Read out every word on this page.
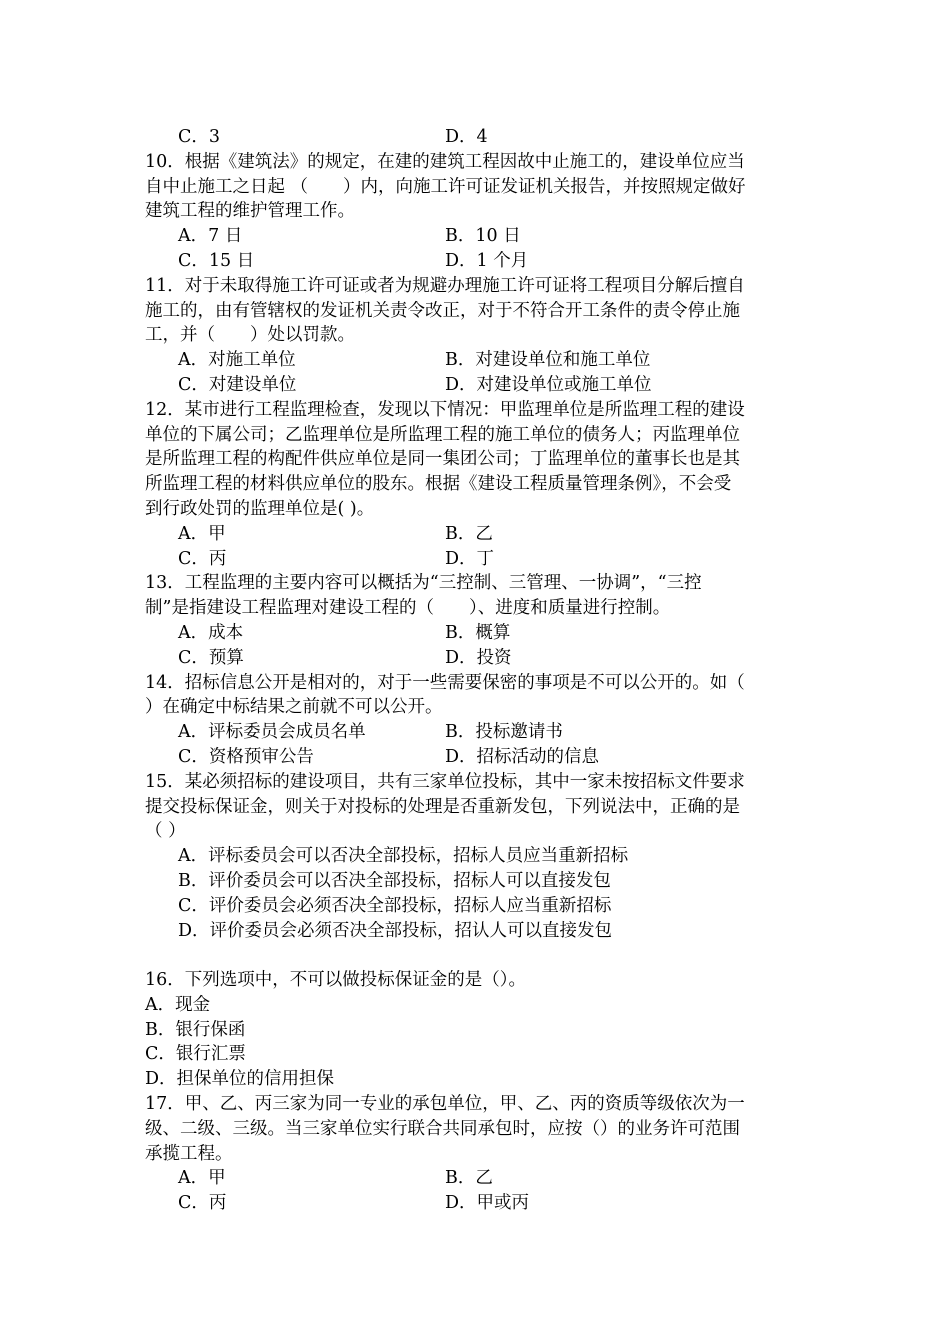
C．3	D．4

10．根据《建筑法》的规定，在建的建筑工程因故中止施工的，建设单位应当

自中止施工之日起 （　　）内，向施工许可证发证机关报告，并按照规定做好

建筑工程的维护管理工作。

A．7 日	B．10 日
C．15 日	D．1 个月

11．对于未取得施工许可证或者为规避办理施工许可证将工程项目分解后擅自

施工的，由有管辖权的发证机关责令改正，对于不符合开工条件的责令停止施

工，并（　　）处以罚款。

A．对施工单位	B．对建设单位和施工单位
C．对建设单位	D．对建设单位或施工单位

12．某市进行工程监理检查，发现以下情况：甲监理单位是所监理工程的建设

单位的下属公司；乙监理单位是所监理工程的施工单位的债务人；丙监理单位

是所监理工程的构配件供应单位是同一集团公司；丁监理单位的董事长也是其

所监理工程的材料供应单位的股东。根据《建设工程质量管理条例》，不会受

到行政处罚的监理单位是( )。

A．甲	B．乙
C．丙	D．丁

13．工程监理的主要内容可以概括为“三控制、三管理、一协调”，“三控

制”是指建设工程监理对建设工程的（　　）、进度和质量进行控制。

A．成本	B．概算
C．预算	D．投资

14．招标信息公开是相对的，对于一些需要保密的事项是不可以公开的。如（

）在确定中标结果之前就不可以公开。

A．评标委员会成员名单	B．投标邀请书
C．资格预审公告	D．招标活动的信息

15．某必须招标的建设项目，共有三家单位投标，其中一家未按招标文件要求

提交投标保证金，则关于对投标的处理是否重新发包，下列说法中，正确的是

（ ）

A．评标委员会可以否决全部投标，招标人员应当重新招标
B．评价委员会可以否决全部投标，招标人可以直接发包
C．评价委员会必须否决全部投标，招标人应当重新招标
D．评价委员会必须否决全部投标，招认人可以直接发包

16．下列选项中，不可以做投标保证金的是（）。

A．现金
B．银行保函
C．银行汇票
D．担保单位的信用担保

17．甲、乙、丙三家为同一专业的承包单位，甲、乙、丙的资质等级依次为一

级、二级、三级。当三家单位实行联合共同承包时，应按（）的业务许可范围

承揽工程。

A．甲	B．乙
C．丙	D．甲或丙
